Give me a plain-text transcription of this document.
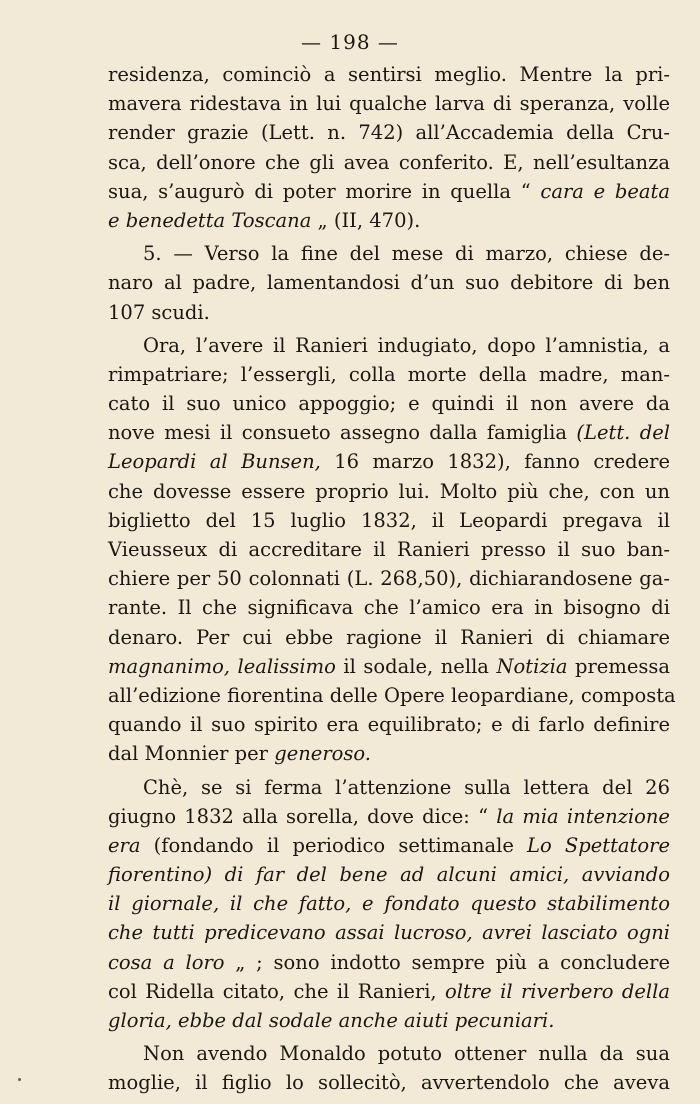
— 198 —
residenza, cominciò a sentirsi meglio. Mentre la pri-
mavera ridestava in lui qualche larva di speranza, volle
render grazie (Lett. n. 742) all’Accademia della Cru-
sca, dell’onore che gli avea conferito. E, nell’esultanza
sua, s’augurò di poter morire in quella “ cara e beata
e benedetta Toscana „ (II, 470).
5. — Verso la fine del mese di marzo, chiese de-
naro al padre, lamentandosi d’un suo debitore di ben
107 scudi.
Ora, l’avere il Ranieri indugiato, dopo l’amnistia, a
rimpatriare; l’essergli, colla morte della madre, man-
cato il suo unico appoggio; e quindi il non avere da
nove mesi il consueto assegno dalla famiglia (Lett. del
Leopardi al Bunsen, 16 marzo 1832), fanno credere
che dovesse essere proprio lui. Molto più che, con un
biglietto del 15 luglio 1832, il Leopardi pregava il
Vieusseux di accreditare il Ranieri presso il suo ban-
chiere per 50 colonnati (L. 268,50), dichiarandosene ga-
rante. Il che significava che l’amico era in bisogno di
denaro. Per cui ebbe ragione il Ranieri di chiamare
magnanimo, lealissimo il sodale, nella Notizia premessa
all’edizione fiorentina delle Opere leopardiane, composta
quando il suo spirito era equilibrato; e di farlo definire
dal Monnier per generoso.
Chè, se si ferma l’attenzione sulla lettera del 26
giugno 1832 alla sorella, dove dice: “ la mia intenzione
era (fondando il periodico settimanale Lo Spettatore
fiorentino) di far del bene ad alcuni amici, avviando
il giornale, il che fatto, e fondato questo stabilimento
che tutti predicevano assai lucroso, avrei lasciato ogni
cosa a loro „ ; sono indotto sempre più a concludere
col Ridella citato, che il Ranieri, oltre il riverbero della
gloria, ebbe dal sodale anche aiuti pecuniari.
Non avendo Monaldo potuto ottener nulla da sua
moglie, il figlio lo sollecitò, avvertendolo che aveva
